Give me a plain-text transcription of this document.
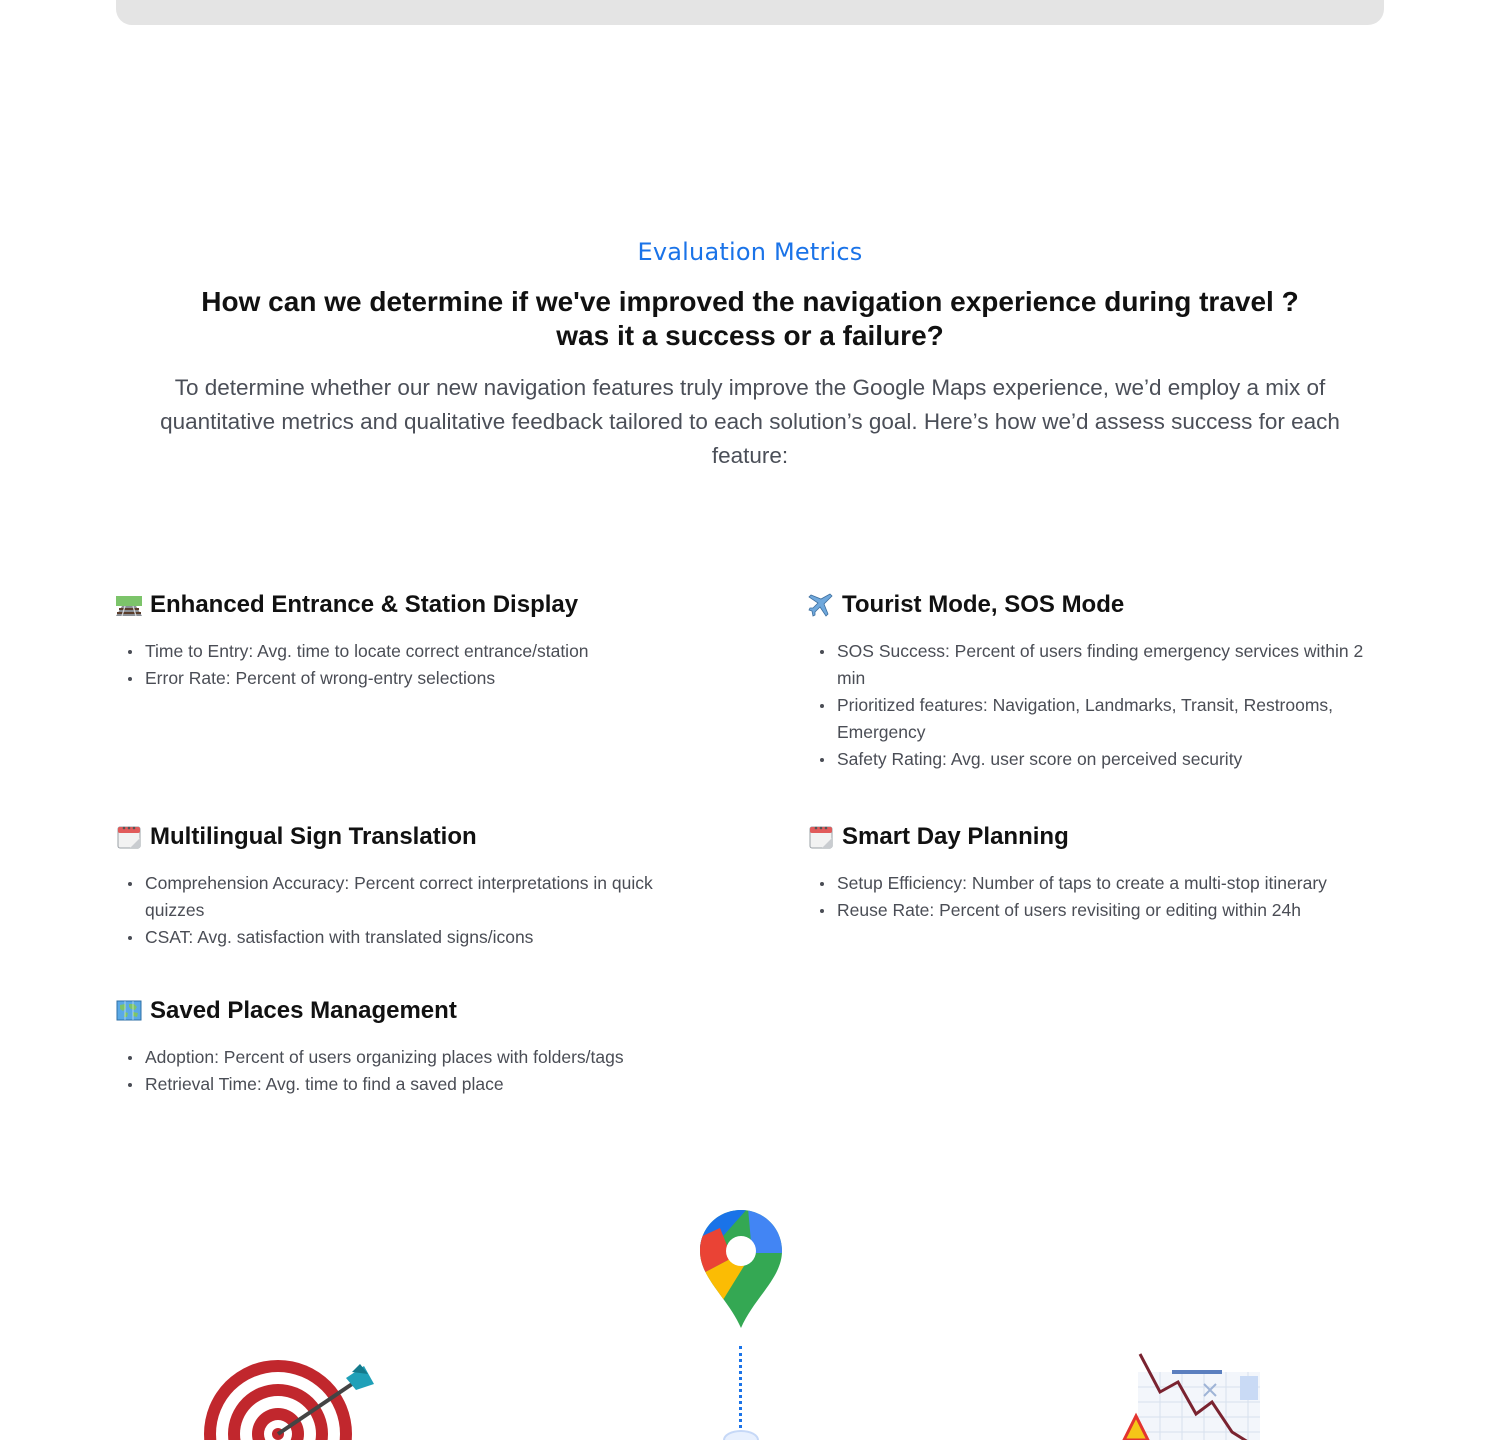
Evaluation Metrics
How can we determine if we've improved the navigation experience during travel ?
was it a success or a failure?

To determine whether our new navigation features truly improve the Google Maps experience, we’d employ a mix of quantitative metrics and qualitative feedback tailored to each solution’s goal. Here’s how we’d assess success for each feature:

Enhanced Entrance & Station Display
Time to Entry: Avg. time to locate correct entrance/station
Error Rate: Percent of wrong-entry selections
Tourist Mode, SOS Mode
SOS Success: Percent of users finding emergency services within 2 min
Prioritized features: Navigation, Landmarks, Transit, Restrooms, Emergency
Safety Rating: Avg. user score on perceived security
Multilingual Sign Translation
Comprehension Accuracy: Percent correct interpretations in quick quizzes
CSAT: Avg. satisfaction with translated signs/icons
Smart Day Planning
Setup Efficiency: Number of taps to create a multi-stop itinerary
Reuse Rate: Percent of users revisiting or editing within 24h
Saved Places Management
Adoption: Percent of users organizing places with folders/tags
Retrieval Time: Avg. time to find a saved place
